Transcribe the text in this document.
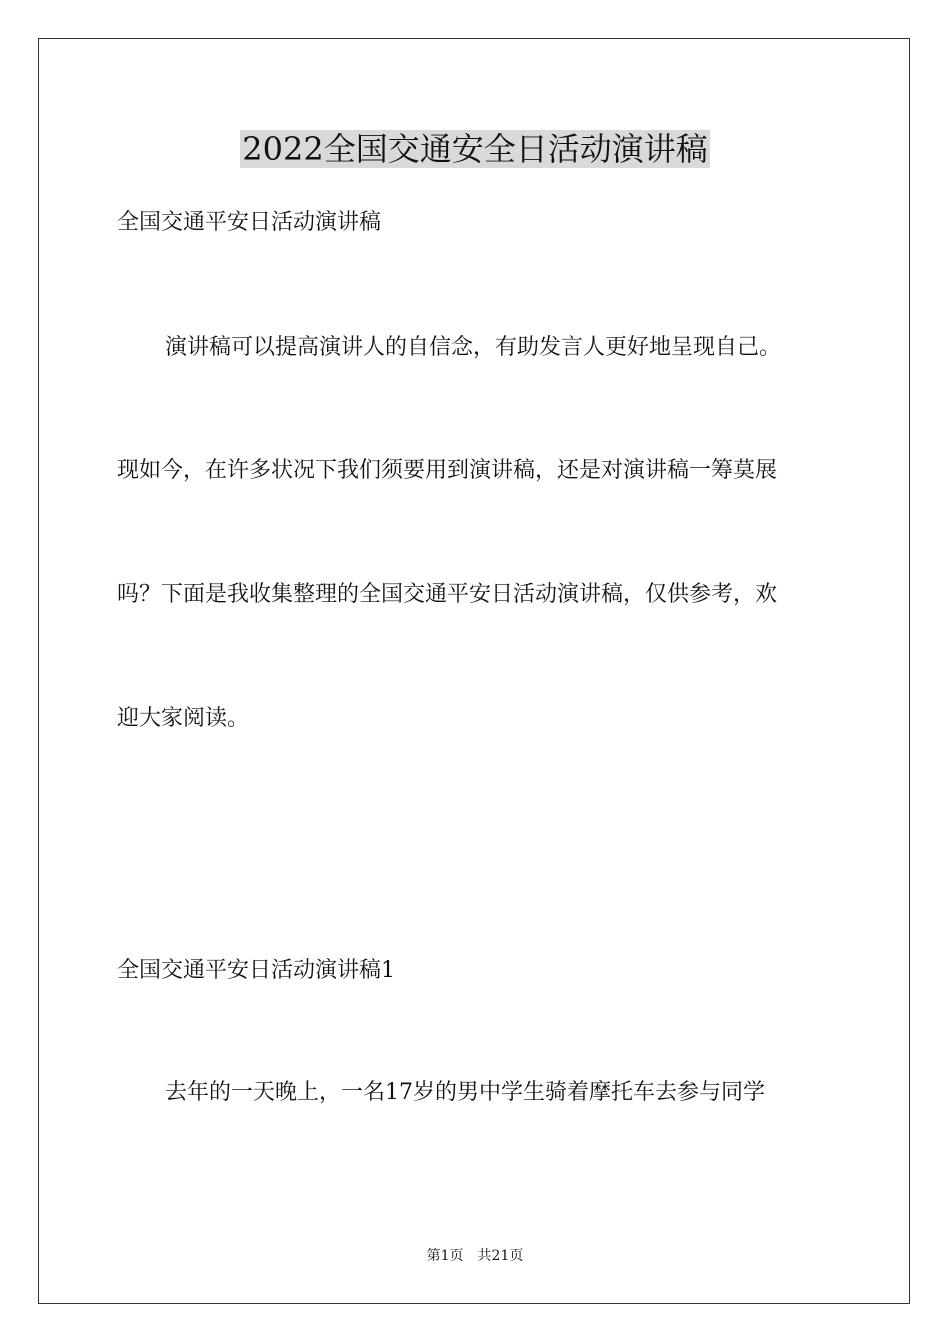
2022全国交通安全日活动演讲稿

全国交通平安日活动演讲稿

演讲稿可以提高演讲人的自信念，有助发言人更好地呈现自己。

现如今，在许多状况下我们须要用到演讲稿，还是对演讲稿一筹莫展

吗？下面是我收集整理的全国交通平安日活动演讲稿，仅供参考，欢

迎大家阅读。

全国交通平安日活动演讲稿1

去年的一天晚上，一名17岁的男中学生骑着摩托车去参与同学

第1页 共21页
